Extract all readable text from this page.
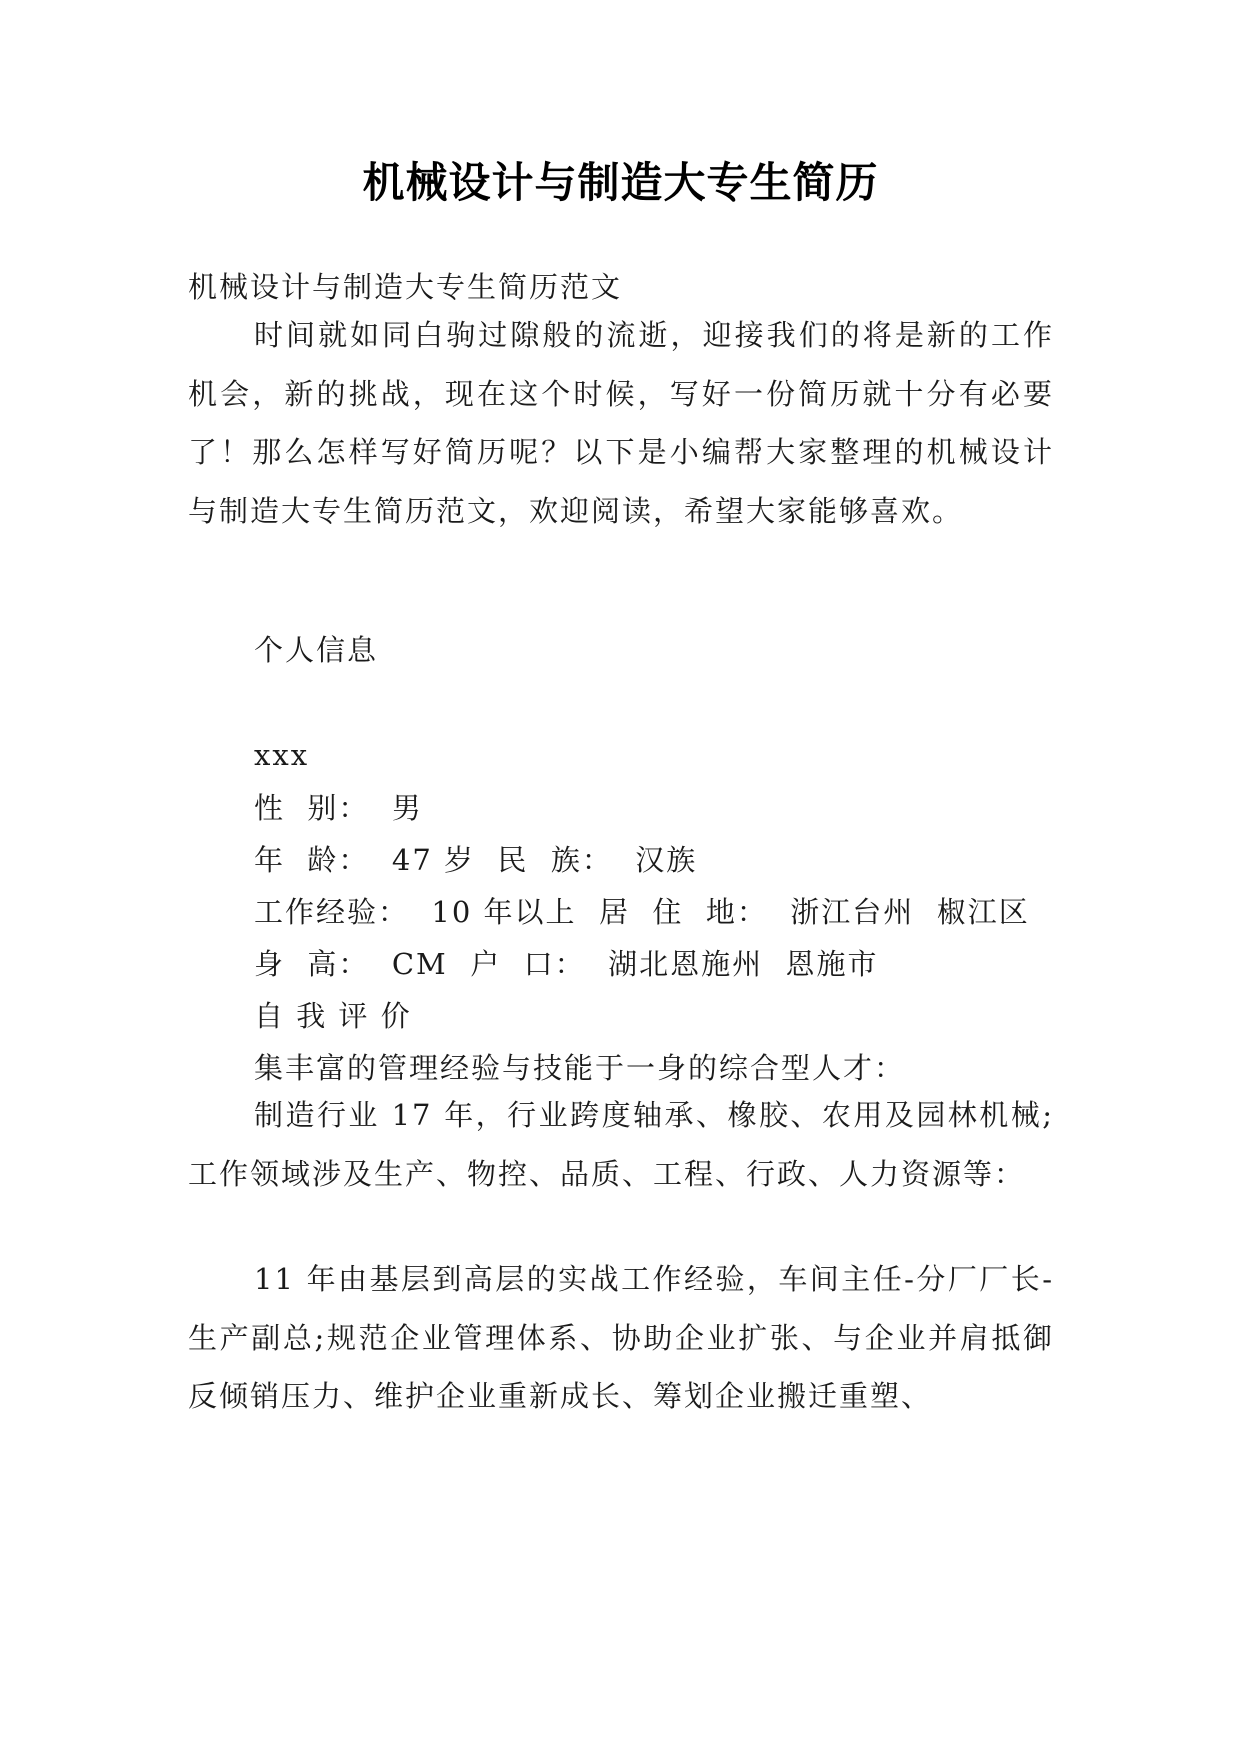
机械设计与制造大专生简历
机械设计与制造大专生简历范文
时间就如同白驹过隙般的流逝，迎接我们的将是新的工作机会，新的挑战，现在这个时候，写好一份简历就十分有必要了！那么怎样写好简历呢？以下是小编帮大家整理的机械设计与制造大专生简历范文，欢迎阅读，希望大家能够喜欢。
个人信息
xxx
性  别：  男
年  龄：  47 岁  民  族：  汉族
工作经验：  10 年以上  居  住  地：  浙江台州  椒江区
身  高：  CM  户  口：  湖北恩施州  恩施市
自 我 评 价
集丰富的管理经验与技能于一身的综合型人才：
制造行业 17 年，行业跨度轴承、橡胶、农用及园林机械;工作领域涉及生产、物控、品质、工程、行政、人力资源等：
11 年由基层到高层的实战工作经验，车间主任-分厂厂长-生产副总;规范企业管理体系、协助企业扩张、与企业并肩抵御反倾销压力、维护企业重新成长、筹划企业搬迁重塑、
